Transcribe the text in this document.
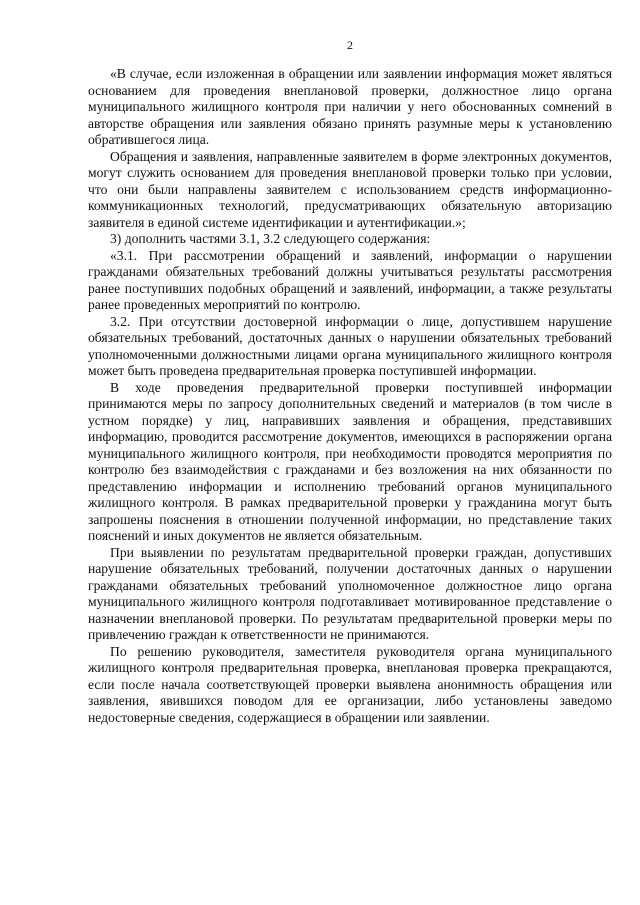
2

«В случае, если изложенная в обращении или заявлении информация может являться основанием для проведения внеплановой проверки, должностное лицо органа муниципального жилищного контроля при наличии у него обоснованных сомнений в авторстве обращения или заявления обязано принять разумные меры к установлению обратившегося лица.

Обращения и заявления, направленные заявителем в форме электронных документов, могут служить основанием для проведения внеплановой проверки только при условии, что они были направлены заявителем с использованием средств информационно-коммуникационных технологий, предусматривающих обязательную авторизацию заявителя в единой системе идентификации и аутентификации.»;

3) дополнить частями 3.1, 3.2 следующего содержания:

«3.1. При рассмотрении обращений и заявлений, информации о нарушении гражданами обязательных требований должны учитываться результаты рассмотрения ранее поступивших подобных обращений и заявлений, информации, а также результаты ранее проведенных мероприятий по контролю.

3.2. При отсутствии достоверной информации о лице, допустившем нарушение обязательных требований, достаточных данных о нарушении обязательных требований уполномоченными должностными лицами органа муниципального жилищного контроля может быть проведена предварительная проверка поступившей информации.

В ходе проведения предварительной проверки поступившей информации принимаются меры по запросу дополнительных сведений и материалов (в том числе в устном порядке) у лиц, направивших заявления и обращения, представивших информацию, проводится рассмотрение документов, имеющихся в распоряжении органа муниципального жилищного контроля, при необходимости проводятся мероприятия по контролю без взаимодействия с гражданами и без возложения на них обязанности по представлению информации и исполнению требований органов муниципального жилищного контроля. В рамках предварительной проверки у гражданина могут быть запрошены пояснения в отношении полученной информации, но представление таких пояснений и иных документов не является обязательным.

При выявлении по результатам предварительной проверки граждан, допустивших нарушение обязательных требований, получении достаточных данных о нарушении гражданами обязательных требований уполномоченное должностное лицо органа муниципального жилищного контроля подготавливает мотивированное представление о назначении внеплановой проверки. По результатам предварительной проверки меры по привлечению граждан к ответственности не принимаются.

По решению руководителя, заместителя руководителя органа муниципального жилищного контроля предварительная проверка, внеплановая проверка прекращаются, если после начала соответствующей проверки выявлена анонимность обращения или заявления, явившихся поводом для ее организации, либо установлены заведомо недостоверные сведения, содержащиеся в обращении или заявлении.
